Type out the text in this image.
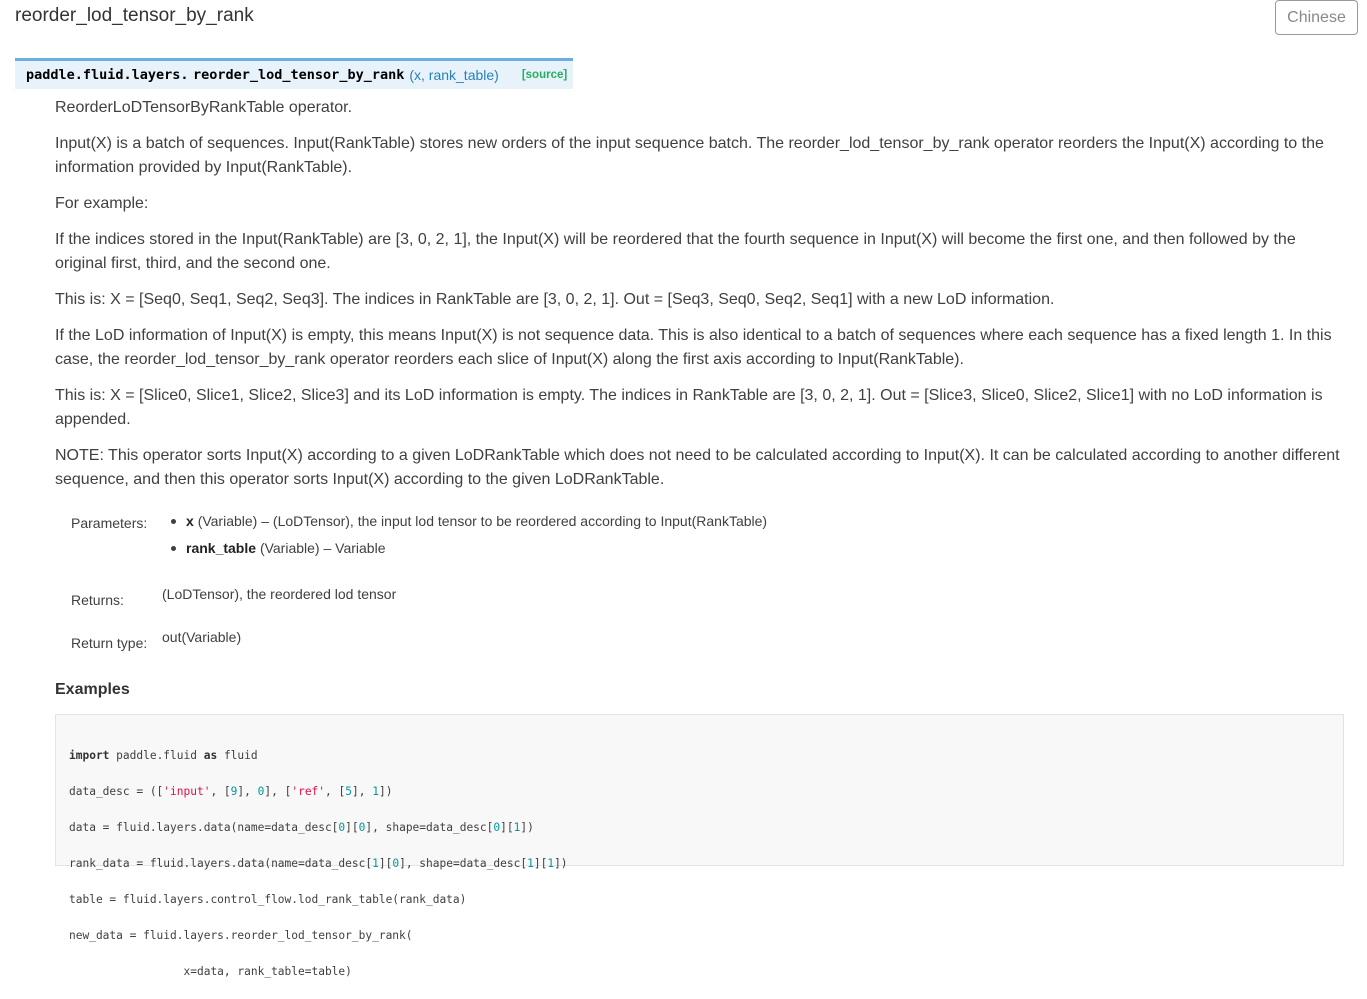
reorder_lod_tensor_by_rank	Chinese
paddle.fluid.layers.
reorder_lod_tensor_by_rank (x, rank_table) [source]

ReorderLoDTensorByRankTable operator.

Input(X) is a batch of sequences. Input(RankTable) stores new orders of the input sequence batch. The reorder_lod_tensor_by_rank operator reorders the Input(X) according to the information provided by Input(RankTable).

For example:

If the indices stored in the Input(RankTable) are [3, 0, 2, 1], the Input(X) will be reordered that the fourth sequence in Input(X) will become the first one, and then followed by the original first, third, and the second one.

This is: X = [Seq0, Seq1, Seq2, Seq3]. The indices in RankTable are [3, 0, 2, 1]. Out = [Seq3, Seq0, Seq2, Seq1] with a new LoD information.

If the LoD information of Input(X) is empty, this means Input(X) is not sequence data. This is also identical to a batch of sequences where each sequence has a fixed length 1. In this case, the reorder_lod_tensor_by_rank operator reorders each slice of Input(X) along the first axis according to Input(RankTable).

This is: X = [Slice0, Slice1, Slice2, Slice3] and its LoD information is empty. The indices in RankTable are [3, 0, 2, 1]. Out = [Slice3, Slice0, Slice2, Slice1] with no LoD information is appended.

NOTE: This operator sorts Input(X) according to a given LoDRankTable which does not need to be calculated according to Input(X). It can be calculated according to another different sequence, and then this operator sorts Input(X) according to the given LoDRankTable.

Parameters:	x (Variable) – (LoDTensor), the input lod tensor to be reordered according to Input(RankTable)
rank_table (Variable) – Variable
Returns:	(LoDTensor), the reordered lod tensor
Return type: out(Variable)
Examples

import paddle.fluid as fluid

data_desc = (['input', [9], 0], ['ref', [5], 1])

data = fluid.layers.data(name=data_desc[0][0], shape=data_desc[0][1])

rank_data = fluid.layers.data(name=data_desc[1][0], shape=data_desc[1][1])

table = fluid.layers.control_flow.lod_rank_table(rank_data)

new_data = fluid.layers.reorder_lod_tensor_by_rank(

x=data, rank_table=table)
